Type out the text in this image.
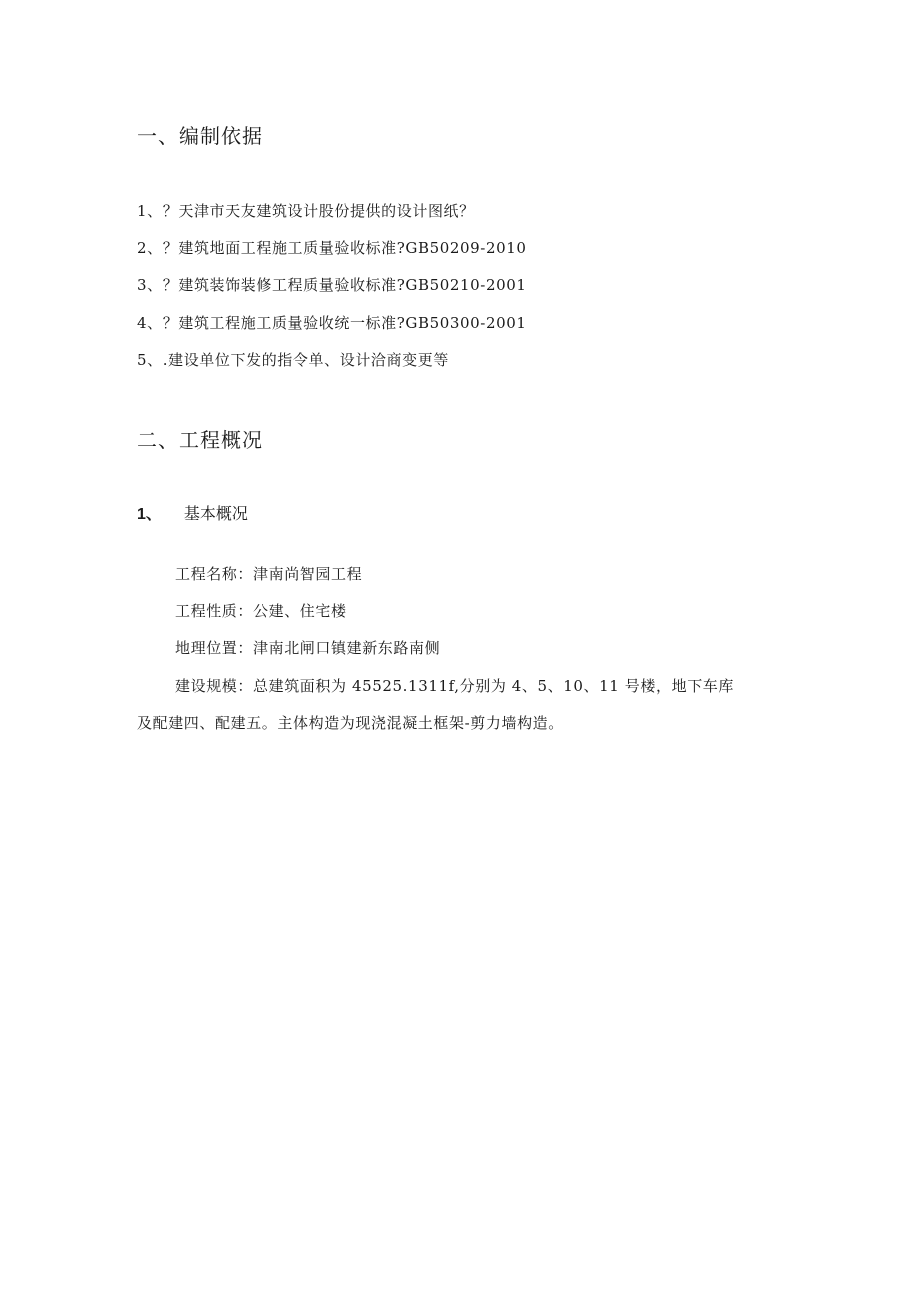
一、编制依据
1、？天津市天友建筑设计股份提供的设计图纸？
2、？建筑地面工程施工质量验收标准?GB50209-2010
3、？建筑装饰装修工程质量验收标准?GB50210-2001
4、？建筑工程施工质量验收统一标准?GB50300-2001
5、.建设单位下发的指令单、设计洽商变更等
二、工程概况
1、 基本概况
工程名称：津南尚智园工程
工程性质：公建、住宅楼
地理位置：津南北闸口镇建新东路南侧
建设规模：总建筑面积为 45525.1311f,分别为 4、5、10、11 号楼，地下车库
及配建四、配建五。主体构造为现浇混凝土框架-剪力墙构造。
